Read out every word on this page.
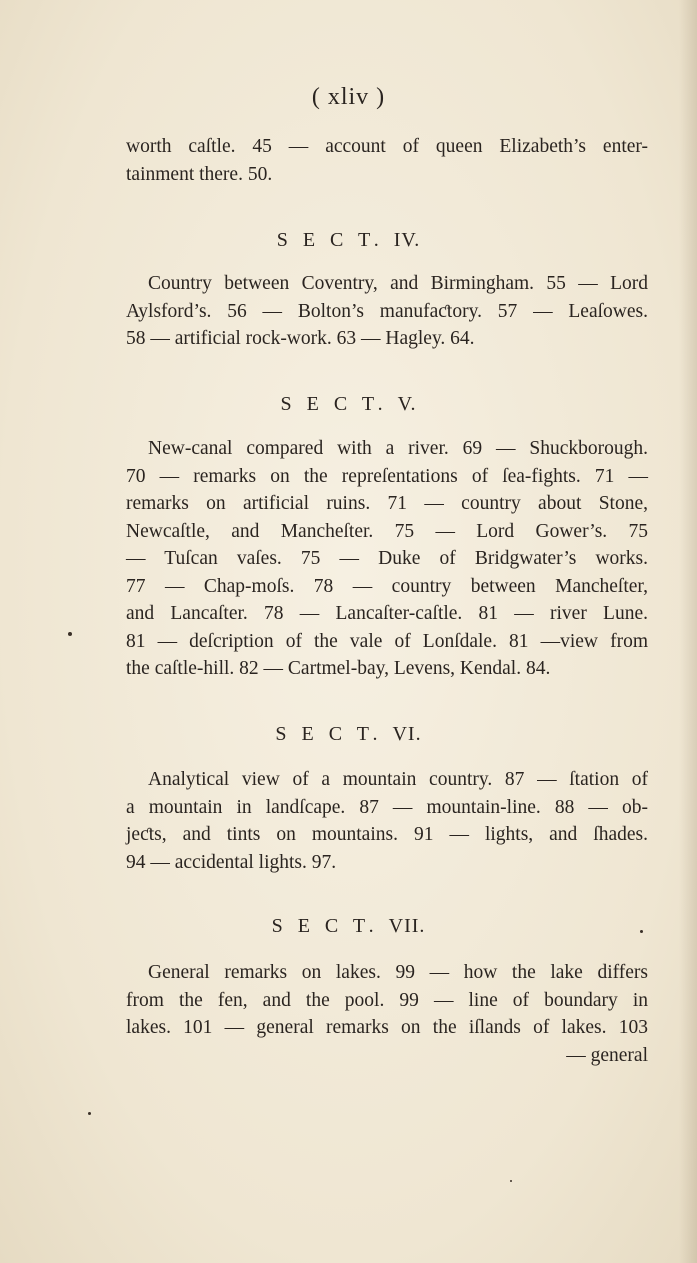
( xliv )
worth caſtle. 45 — account of queen Elizabeth’s enter-
tainment there. 50.
S E C T. IV.
Country between Coventry, and Birmingham. 55 — Lord
Aylsford’s. 56 — Bolton’s manufaƈtory. 57 — Leaſowes.
58 — artificial rock-work. 63 — Hagley. 64.
S E C T. V.
New-canal compared with a river. 69 — Shuckborough.
70 — remarks on the repreſentations of ſea-fights. 71 —
remarks on artificial ruins. 71 — country about Stone,
Newcaſtle, and Mancheſter. 75 — Lord Gower’s. 75
— Tuſcan vaſes. 75 — Duke of Bridgwater’s works.
77 — Chap-moſs. 78 — country between Mancheſter,
and Lancaſter. 78 — Lancaſter-caſtle. 81 — river Lune.
81 — deſcription of the vale of Lonſdale. 81 —view from
the caſtle-hill. 82 — Cartmel-bay, Levens, Kendal. 84.
S E C T. VI.
Analytical view of a mountain country. 87 — ſtation of
a mountain in landſcape. 87 — mountain-line. 88 — ob-
jeƈts, and tints on mountains. 91 — lights, and ſhades.
94 — accidental lights. 97.
S E C T. VII.
General remarks on lakes. 99 — how the lake differs
from the fen, and the pool. 99 — line of boundary in
lakes. 101 — general remarks on the iſlands of lakes. 103
— general
